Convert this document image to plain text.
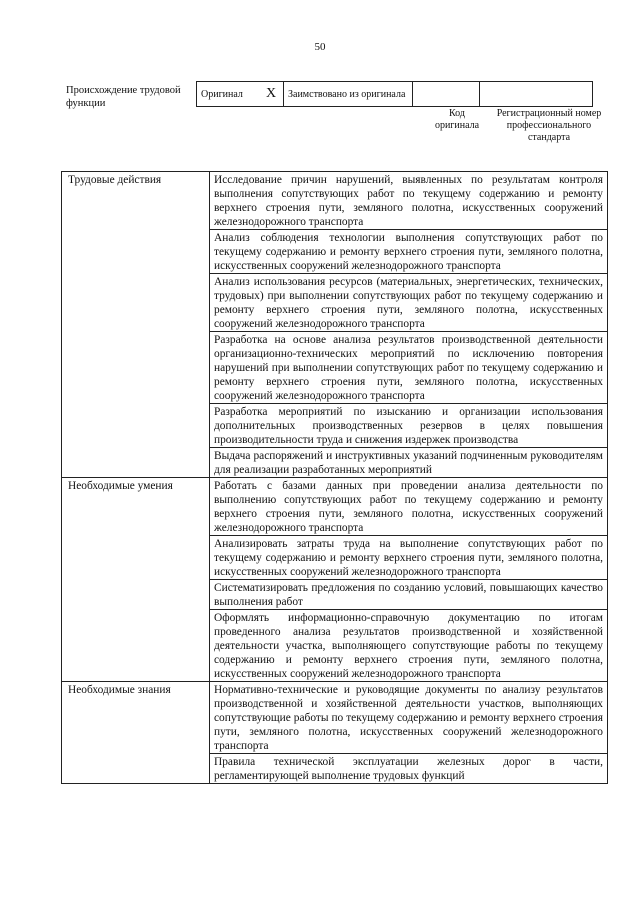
50
Происхождение трудовой функции
Оригинал	X	Заимствовано из оригинала		
Код оригинала
Регистрационный номер профессионального стандарта
Трудовые действия	Исследование причин нарушений, выявленных по результатам контроля выполнения сопутствующих работ по текущему содержанию и ремонту верхнего строения пути, земляного полотна, искусственных сооружений железнодорожного транспорта
	Анализ соблюдения технологии выполнения сопутствующих работ по текущему содержанию и ремонту верхнего строения пути, земляного полотна, искусственных сооружений железнодорожного транспорта
	Анализ использования ресурсов (материальных, энергетических, технических, трудовых) при выполнении сопутствующих работ по текущему содержанию и ремонту верхнего строения пути, земляного полотна, искусственных сооружений железнодорожного транспорта
	Разработка на основе анализа результатов производственной деятельности организационно-технических мероприятий по исключению повторения нарушений при выполнении сопутствующих работ по текущему содержанию и ремонту верхнего строения пути, земляного полотна, искусственных сооружений железнодорожного транспорта
	Разработка мероприятий по изысканию и организации использования дополнительных производственных резервов в целях повышения производительности труда и снижения издержек производства
	Выдача распоряжений и инструктивных указаний подчиненным руководителям для реализации разработанных мероприятий
Необходимые умения	Работать с базами данных при проведении анализа деятельности по выполнению сопутствующих работ по текущему содержанию и ремонту верхнего строения пути, земляного полотна, искусственных сооружений железнодорожного транспорта
	Анализировать затраты труда на выполнение сопутствующих работ по текущему содержанию и ремонту верхнего строения пути, земляного полотна, искусственных сооружений железнодорожного транспорта
	Систематизировать предложения по созданию условий, повышающих качество выполнения работ
	Оформлять информационно-справочную документацию по итогам проведенного анализа результатов производственной и хозяйственной деятельности участка, выполняющего сопутствующие работы по текущему содержанию и ремонту верхнего строения пути, земляного полотна, искусственных сооружений железнодорожного транспорта
Необходимые знания	Нормативно-технические и руководящие документы по анализу результатов производственной и хозяйственной деятельности участков, выполняющих сопутствующие работы по текущему содержанию и ремонту верхнего строения пути, земляного полотна, искусственных сооружений железнодорожного транспорта
	Правила технической эксплуатации железных дорог в части, регламентирующей выполнение трудовых функций
